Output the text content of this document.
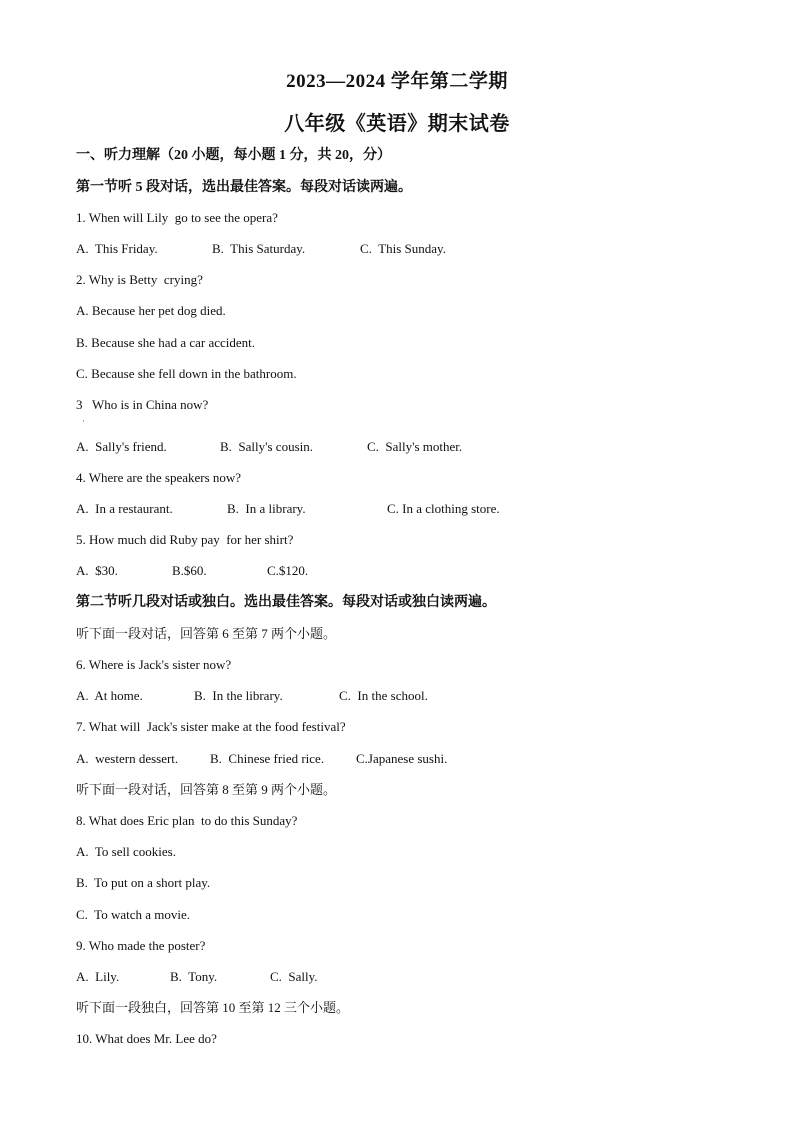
2023—2024 学年第二学期
八年级《英语》期末试卷
一、听力理解（20 小题，每小题 1 分，共 20，分）
第一节听 5 段对话，选出最佳答案。每段对话读两遍。
1. When will Lily  go to see the opera?
A.  This Friday.	B.  This Saturday.	C.  This Sunday.
2. Why is Betty  crying?
A. Because her pet dog died.
B. Because she had a car accident.
C. Because she fell down in the bathroom.
3   Who is in China now?
·
A.  Sally's friend.	B.  Sally's cousin.	C.  Sally's mother.
4. Where are the speakers now?
A.  In a restaurant.	B.  In a library.	C. In a clothing store.
5. How much did Ruby pay  for her shirt?
A.  $30.	B.$60.	C.$120.
第二节听几段对话或独白。选出最佳答案。每段对话或独白读两遍。
听下面一段对话，回答第 6 至第 7 两个小题。
6. Where is Jack's sister now?
A.  At home.	B.  In the library.	C.  In the school.
7. What will  Jack's sister make at the food festival?
A.  western dessert. B.  Chinese fried rice. C.Japanese sushi.
听下面一段对话，回答第 8 至第 9 两个小题。
8. What does Eric plan  to do this Sunday?
A.  To sell cookies.
B.  To put on a short play.
C.  To watch a movie.
9. Who made the poster?
A.  Lily.	B.  Tony.	C.  Sally.
听下面一段独白，回答第 10 至第 12 三个小题。
10. What does Mr. Lee do?
